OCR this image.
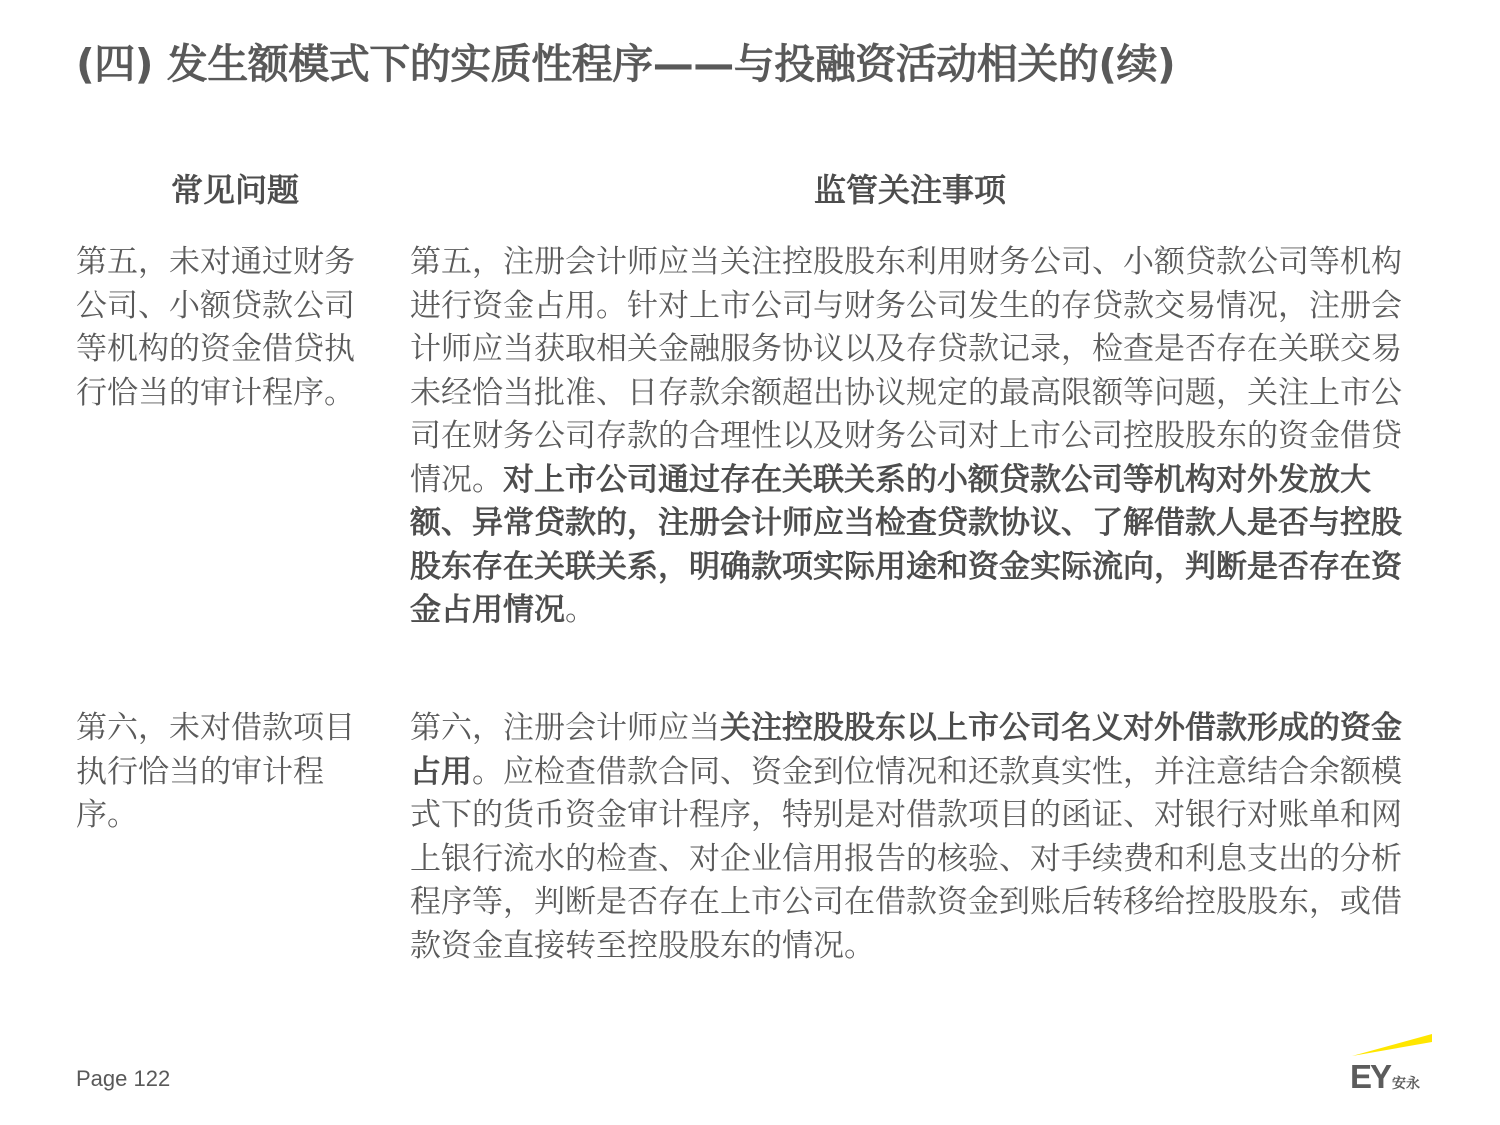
(四) 发生额模式下的实质性程序——与投融资活动相关的(续)
常见问题	监管关注事项
第五，未对通过财务公司、小额贷款公司等机构的资金借贷执行恰当的审计程序。
第五，注册会计师应当关注控股股东利用财务公司、小额贷款公司等机构进行资金占用。针对上市公司与财务公司发生的存贷款交易情况，注册会计师应当获取相关金融服务协议以及存贷款记录，检查是否存在关联交易未经恰当批准、日存款余额超出协议规定的最高限额等问题，关注上市公司在财务公司存款的合理性以及财务公司对上市公司控股股东的资金借贷情况。对上市公司通过存在关联关系的小额贷款公司等机构对外发放大额、异常贷款的，注册会计师应当检查贷款协议、了解借款人是否与控股股东存在关联关系，明确款项实际用途和资金实际流向，判断是否存在资金占用情况。
第六，未对借款项目执行恰当的审计程序。
第六，注册会计师应当关注控股股东以上市公司名义对外借款形成的资金占用。应检查借款合同、资金到位情况和还款真实性，并注意结合余额模式下的货币资金审计程序，特别是对借款项目的函证、对银行对账单和网上银行流水的检查、对企业信用报告的核验、对手续费和利息支出的分析程序等，判断是否存在上市公司在借款资金到账后转移给控股股东，或借款资金直接转至控股股东的情况。
Page 122	EY 安永
